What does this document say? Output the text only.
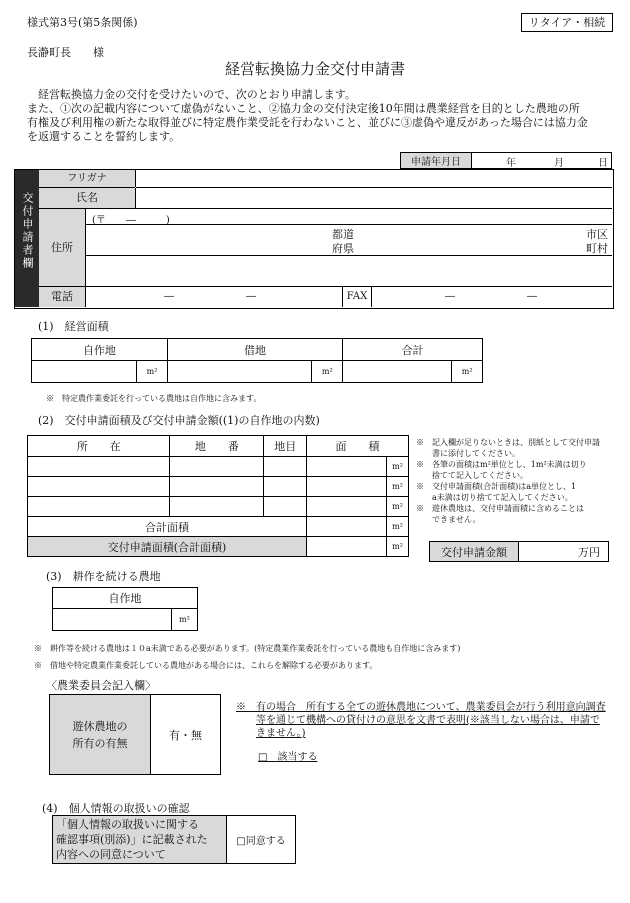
様式第3号(第5条関係)	リタイア・相続
長瀞町長　　様
経営転換協力金交付申請書
経営転換協力金の交付を受けたいので、次のとおり申請します。
また、①次の記載内容について虚偽がないこと、②協力金の交付決定後10年間は農業経営を目的とした農地の所
有権及び利用権の新たな取得並びに特定農作業受託を行わないこと、並びに③虚偽や違反があった場合には協力金
を返還することを誓約します。
申請年月日	年	月	日
交付申請者欄
フリガナ
氏名
住所
(〒　　―　　　)
都道
府県
市区
町村
電話	―	―	FAX	―	―
(1)　経営面積
自作地		借地		合計	
	m²		m²		m²
※　特定農作業委託を行っている農地は自作地に含みます。
(2)　交付申請面積及び交付申請金額((1)の自作地の内数)
所　　在	地　　番	地目	面　　積	
				m²
				m²
				m²
合計面積				m²
交付申請面積(合計面積)				m²
※　記入欄が足りないときは、別紙として交付申請
　　書に添付してください。
※　各筆の面積はm²単位とし、1m²未満は切り
　　捨てて記入してください。
※　交付申請面積(合計面積)はa単位とし、1
　　a未満は切り捨てて記入してください。
※　遊休農地は、交付申請面積に含めることは
　　できません。
交付申請金額	万円
(3)　耕作を続ける農地
自作地
	m²
※　耕作等を続ける農地は１０a未満である必要があります。(特定農業作業委託を行っている農地も自作地に含みます)
※　借地や特定農業作業委託している農地がある場合には、これらを解除する必要があります。
〈農業委員会記入欄〉
遊休農地の
所有の有無
	有・無
※　有の場合　所有する全ての遊休農地について、農業委員会が行う利用意向調査
等を通じて機構への貸付けの意思を文書で表明(※該当しない場合は、申請で
きません。)
□　該当する
(4)　個人情報の取扱いの確認
「個人情報の取扱いに関する
確認事項(別添)」に記載された
内容への同意について
	□同意する
